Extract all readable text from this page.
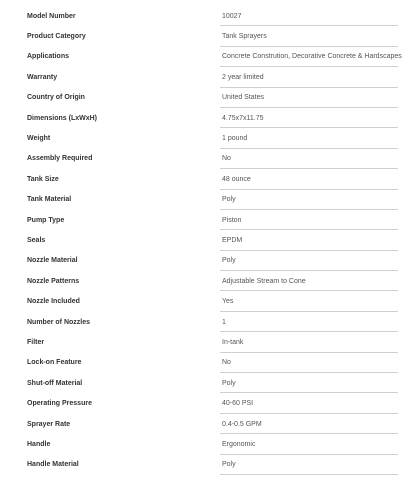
Model Number	10027
Product Category	Tank Sprayers
Applications	Concrete Constrution, Decorative Concrete & Hardscapes
Warranty	2 year limited
Country of Origin	United States
Dimensions (LxWxH)	4.75x7x11.75
Weight	1 pound
Assembly Required	No
Tank Size	48 ounce
Tank Material	Poly
Pump Type	Piston
Seals	EPDM
Nozzle Material	Poly
Nozzle Patterns	Adjustable Stream to Cone
Nozzle Included	Yes
Number of Nozzles	1
Filter	In-tank
Lock-on Feature	No
Shut-off Material	Poly
Operating Pressure	40-60 PSI
Sprayer Rate	0.4-0.5 GPM
Handle	Ergonomic
Handle Material	Poly
